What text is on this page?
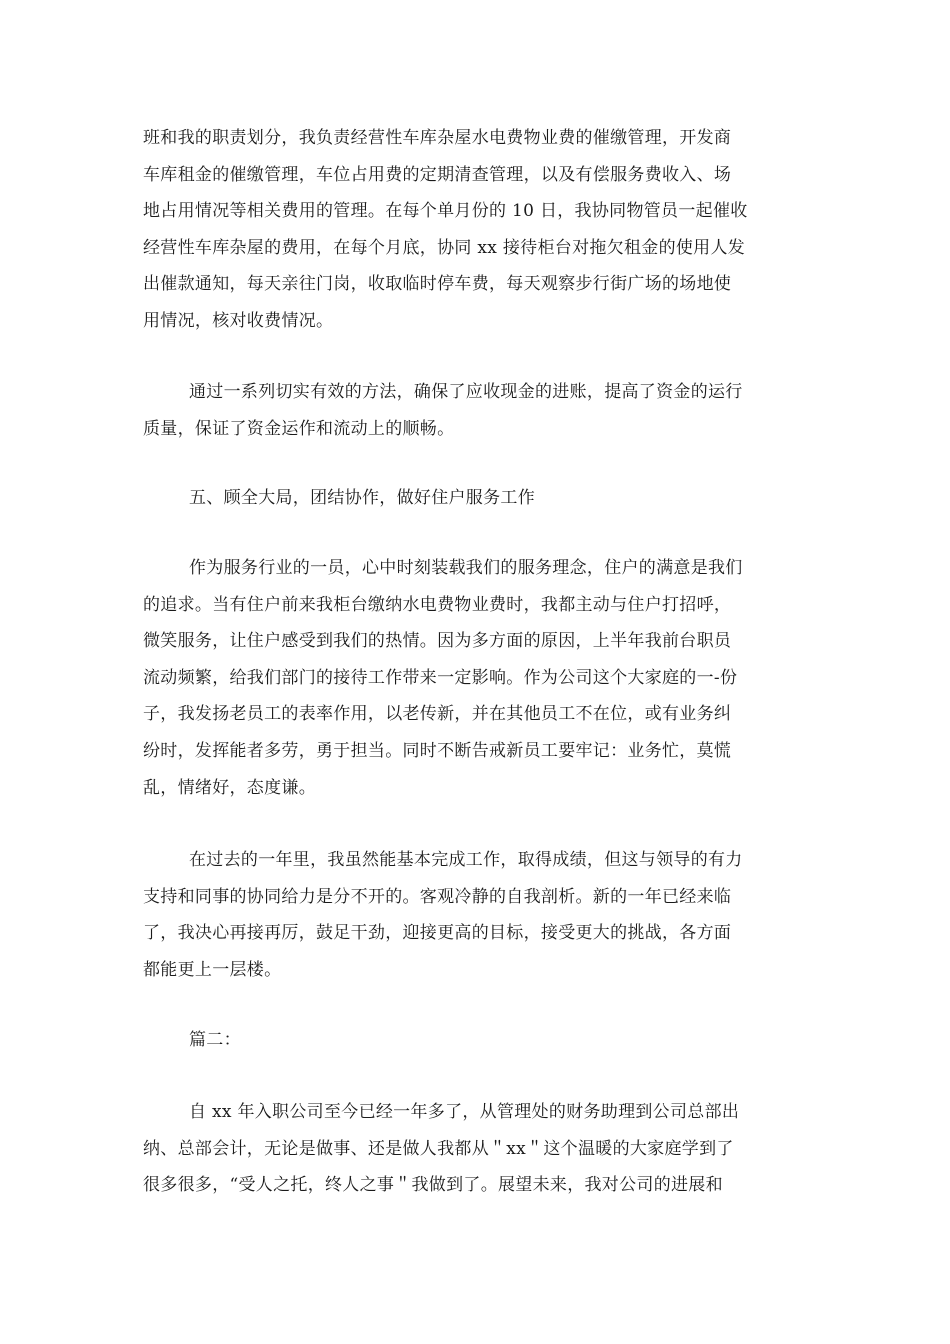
班和我的职责划分，我负责经营性车库杂屋水电费物业费的催缴管理，开发商
车库租金的催缴管理，车位占用费的定期清查管理，以及有偿服务费收入、场
地占用情况等相关费用的管理。在每个单月份的 10 日，我协同物管员一起催收
经营性车库杂屋的费用，在每个月底，协同 xx 接待柜台对拖欠租金的使用人发
出催款通知，每天亲往门岗，收取临时停车费，每天观察步行街广场的场地使
用情况，核对收费情况。

通过一系列切实有效的方法，确保了应收现金的进账，提高了资金的运行
质量，保证了资金运作和流动上的顺畅。

五、顾全大局，团结协作，做好住户服务工作

作为服务行业的一员，心中时刻装载我们的服务理念，住户的满意是我们
的追求。当有住户前来我柜台缴纳水电费物业费时，我都主动与住户打招呼，
微笑服务，让住户感受到我们的热情。因为多方面的原因，上半年我前台职员
流动频繁，给我们部门的接待工作带来一定影响。作为公司这个大家庭的一-份
子，我发扬老员工的表率作用，以老传新，并在其他员工不在位，或有业务纠
纷时，发挥能者多劳，勇于担当。同时不断告戒新员工要牢记：业务忙，莫慌
乱，情绪好，态度谦。

在过去的一年里，我虽然能基本完成工作，取得成绩，但这与领导的有力
支持和同事的协同给力是分不开的。客观冷静的自我剖析。新的一年已经来临
了，我决心再接再厉，鼓足干劲，迎接更高的目标，接受更大的挑战，各方面
都能更上一层楼。

篇二：

自 xx 年入职公司至今已经一年多了，从管理处的财务助理到公司总部出
纳、总部会计，无论是做事、还是做人我都从＂xx＂这个温暖的大家庭学到了
很多很多，“受人之托，终人之事＂我做到了。展望未来，我对公司的进展和
